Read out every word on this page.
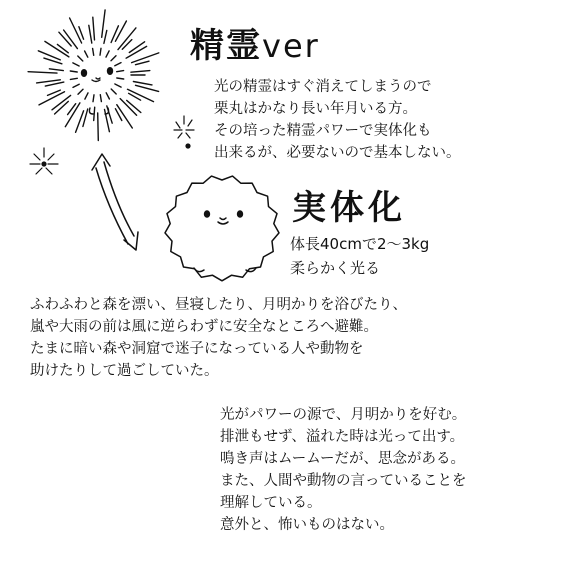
精霊ver
光の精霊はすぐ消えてしまうので
栗丸はかなり長い年月いる方。
その培った精霊パワーで実体化も
出来るが、必要ないので基本しない。
実体化
体長40cmで2～3kg
柔らかく光る
ふわふわと森を漂い、昼寝したり、月明かりを浴びたり、
嵐や大雨の前は風に逆らわずに安全なところへ避難。
たまに暗い森や洞窟で迷子になっている人や動物を
助けたりして過ごしていた。
光がパワーの源で、月明かりを好む。
排泄もせず、溢れた時は光って出す。
鳴き声はムームーだが、思念がある。
また、人間や動物の言っていることを
理解している。
意外と、怖いものはない。
